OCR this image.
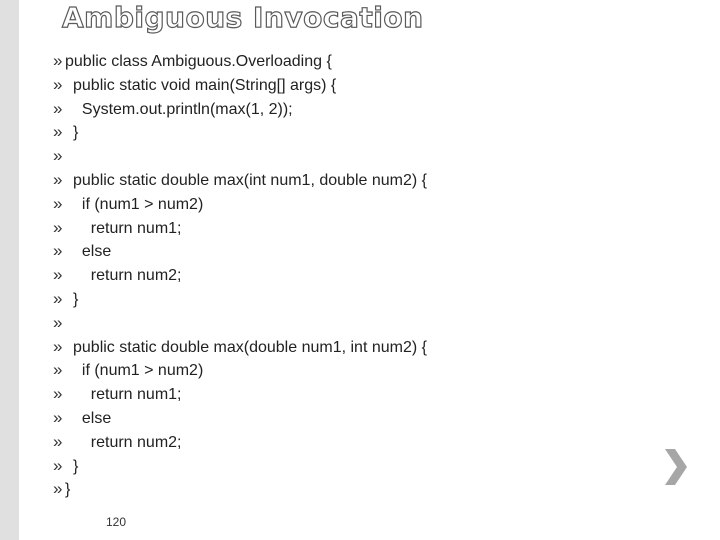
Ambiguous Invocation
» public class Ambiguous.Overloading {
» public static void main(String[] args) {
»  System.out.println(max(1, 2));
» }
»
» public static double max(int num1, double num2) {
»  if (num1 > num2)
»    return num1;
»  else
»    return num2;
» }
»
» public static double max(double num1, int num2) {
»  if (num1 > num2)
»    return num1;
»  else
»    return num2;
» }
» }
120
